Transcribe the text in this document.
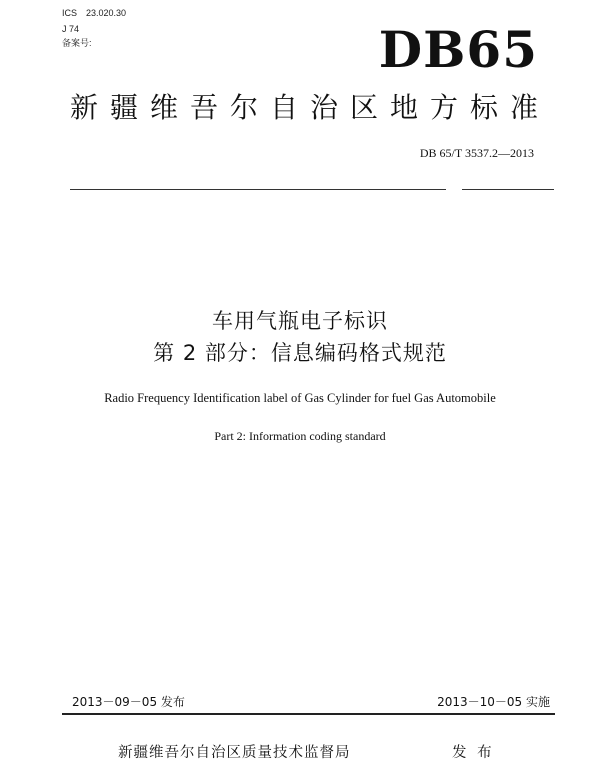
ICS　23.020.30
J 74
备案号:	DB65
新疆维吾尔自治区地方标准
DB 65/T 3537.2—2013
车用气瓶电子标识
第 2 部分：信息编码格式规范
Radio Frequency Identification label of Gas Cylinder for fuel Gas Automobile
Part 2: Information coding standard
2013－09－05 发布	2013－10－05 实施
新疆维吾尔自治区质量技术监督局	发 布
